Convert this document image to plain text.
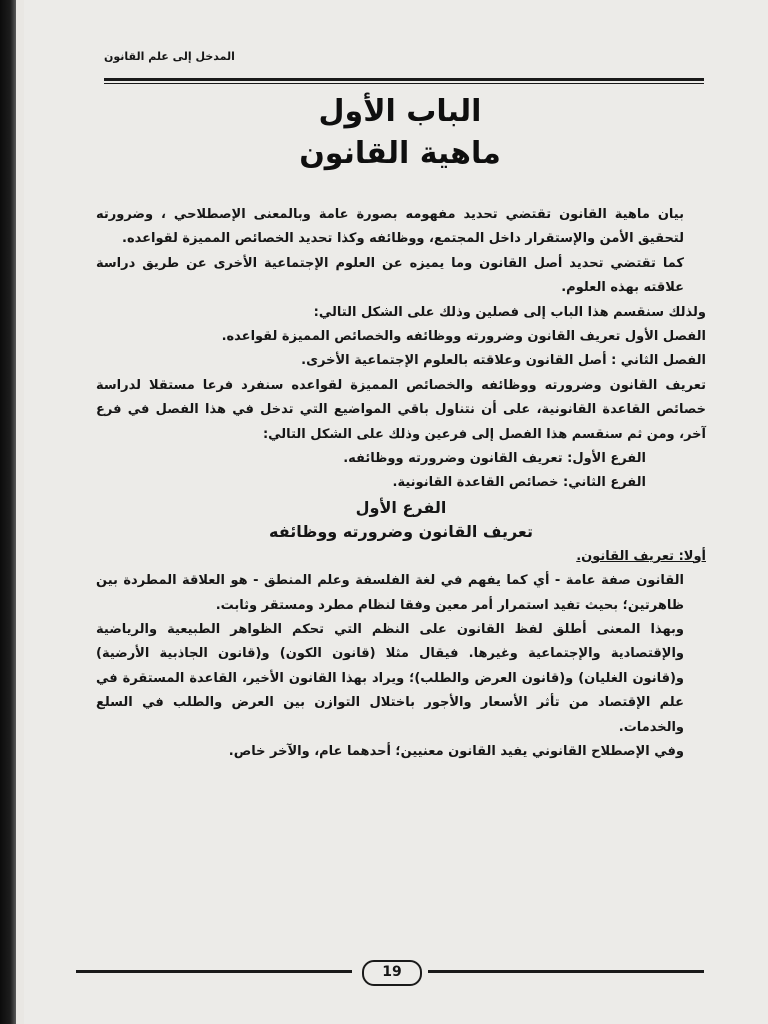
المدخل إلى علم القانون
الباب الأول
ماهية القانون

بيان ماهية القانون تقتضي تحديد مفهومه بصورة عامة وبالمعنى الإصطلاحي ، وضرورته لتحقيق الأمن والإستقرار داخل المجتمع، ووظائفه وكذا تحديد الخصائص المميزة لقواعده.

كما تقتضي تحديد أصل القانون وما يميزه عن العلوم الإجتماعية الأخرى عن طريق دراسة علاقته بهذه العلوم.

ولذلك سنقسم هذا الباب إلى فصلين وذلك على الشكل التالي:

الفصل الأول تعريف القانون وضرورته ووظائفه والخصائص المميزة لقواعده.

الفصل الثاني : أصل القانون وعلاقته بالعلوم الإجتماعية الأخرى.

تعريف القانون وضرورته ووظائفه والخصائص المميزة لقواعده سنفرد فرعا مستقلا لدراسة خصائص القاعدة القانونية، على أن نتناول باقي المواضيع التي تدخل في هذا الفصل في فرع آخر، ومن ثم سنقسم هذا الفصل إلى فرعين وذلك على الشكل التالي:

الفرع الأول: تعريف القانون وضرورته ووظائفه.

الفرع الثاني: خصائص القاعدة القانونية.

الفرع الأول

تعريف القانون وضرورته ووظائفه

أولا: تعريف القانون.

القانون صفة عامة - أي كما يفهم في لغة الفلسفة وعلم المنطق - هو العلاقة المطردة بين ظاهرتين؛ بحيث تفيد استمرار أمر معين وفقا لنظام مطرد ومستقر وثابت.

وبهذا المعنى أطلق لفظ القانون على النظم التي تحكم الظواهر الطبيعية والرياضية والإقتصادية والإجتماعية وغيرها. فيقال مثلا (قانون الكون) و(قانون الجاذبية الأرضية) و(قانون الغليان) و(قانون العرض والطلب)؛ ويراد بهذا القانون الأخير، القاعدة المستقرة في علم الإقتصاد من تأثر الأسعار والأجور باختلال التوازن بين العرض والطلب في السلع والخدمات.

وفي الإصطلاح القانوني يفيد القانون معنيين؛ أحدهما عام، والآخر خاص.

19
